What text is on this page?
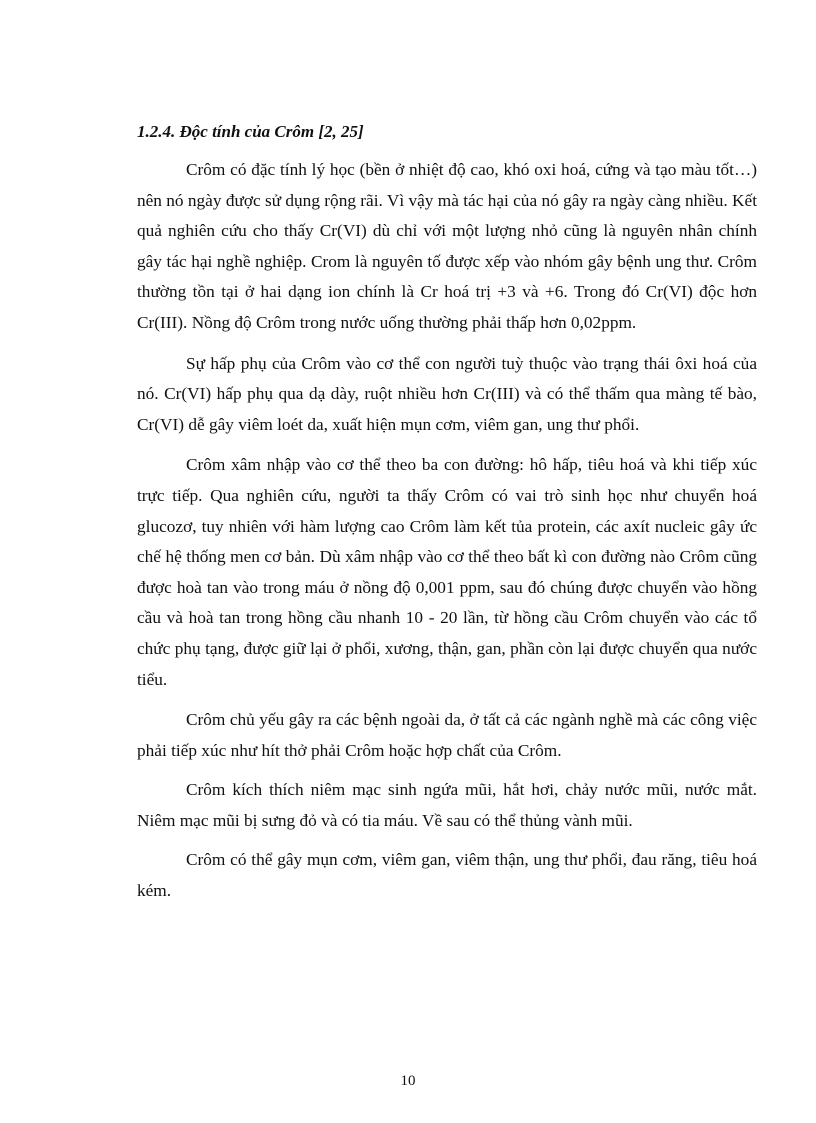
1.2.4. Độc tính của Crôm [2, 25]

Crôm có đặc tính lý học (bền ở nhiệt độ cao, khó oxi hoá, cứng và tạo màu tốt…) nên nó ngày được sử dụng rộng rãi. Vì vậy mà tác hại của nó gây ra ngày càng nhiều. Kết quả nghiên cứu cho thấy Cr(VI) dù chỉ với một lượng nhỏ cũng là nguyên nhân chính gây tác hại nghề nghiệp. Crom là nguyên tố được xếp vào nhóm gây bệnh ung thư. Crôm thường tồn tại ở hai dạng ion chính là Cr hoá trị +3 và +6. Trong đó Cr(VI) độc hơn Cr(III). Nồng độ Crôm trong nước uống thường phải thấp hơn 0,02ppm.

Sự hấp phụ của Crôm vào cơ thể con người tuỳ thuộc vào trạng thái ôxi hoá của nó. Cr(VI) hấp phụ qua dạ dày, ruột nhiều hơn Cr(III) và có thể thấm qua màng tế bào, Cr(VI) dễ gây viêm loét da, xuất hiện mụn cơm, viêm gan, ung thư phổi.

Crôm xâm nhập vào cơ thể theo ba con đường: hô hấp, tiêu hoá và khi tiếp xúc trực tiếp. Qua nghiên cứu, người ta thấy Crôm có vai trò sinh học như chuyển hoá glucozơ, tuy nhiên với hàm lượng cao Crôm làm kết tủa protein, các axít nucleic gây ức chế hệ thống men cơ bản. Dù xâm nhập vào cơ thể theo bất kì con đường nào Crôm cũng được hoà tan vào trong máu ở nồng độ 0,001 ppm, sau đó chúng được chuyển vào hồng cầu và hoà tan trong hồng cầu nhanh 10 - 20 lần, từ hồng cầu Crôm chuyển vào các tổ chức phụ tạng, được giữ lại ở phổi, xương, thận, gan, phần còn lại được chuyển qua nước tiểu.

Crôm chủ yếu gây ra các bệnh ngoài da, ở tất cả các ngành nghề mà các công việc phải tiếp xúc như hít thở phải Crôm hoặc hợp chất của Crôm.

Crôm kích thích niêm mạc sinh ngứa mũi, hắt hơi, chảy nước mũi, nước mắt. Niêm mạc mũi bị sưng đỏ và có tia máu. Về sau có thể thủng vành mũi.

Crôm có thể gây mụn cơm, viêm gan, viêm thận, ung thư phổi, đau răng, tiêu hoá kém.

10
